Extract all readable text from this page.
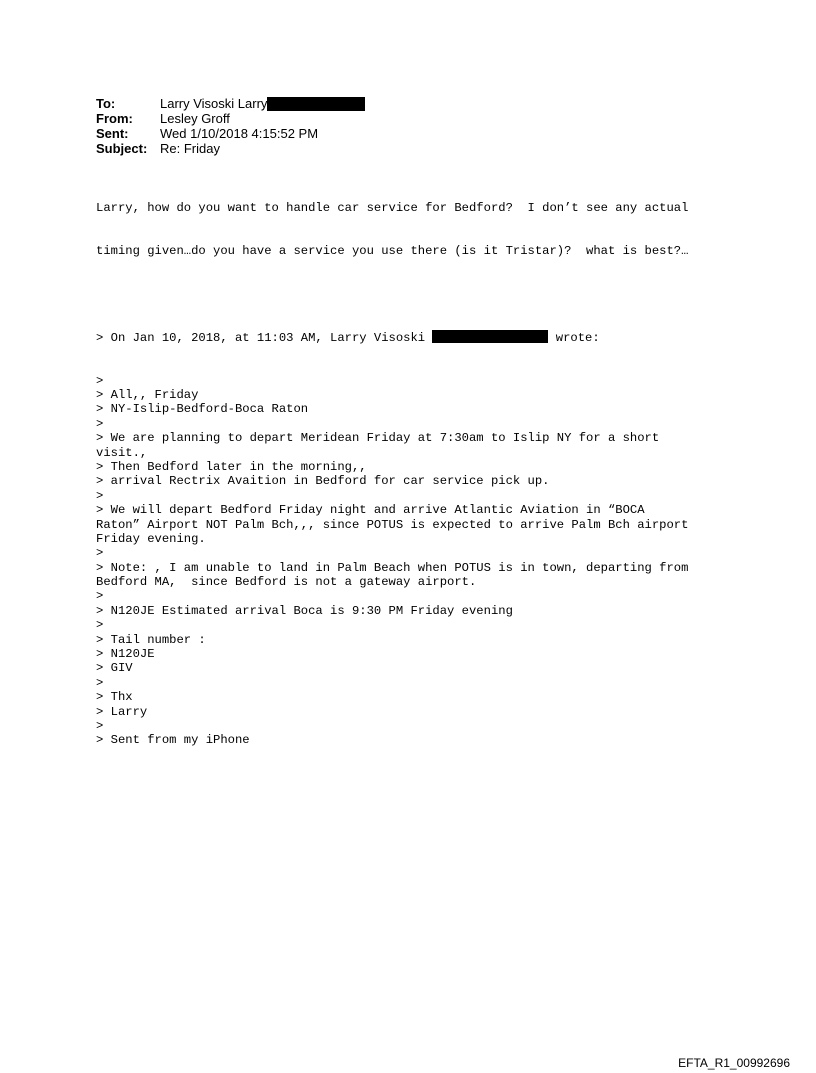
To:	Larry Visoski Larry
From:	Lesley Groff
Sent:	Wed 1/10/2018 4:15:52 PM
Subject: Re: Friday

Larry, how do you want to handle car service for Bedford?  I don’t see any actual

timing given…do you have a service you use there (is it Tristar)?  what is best?…

> On Jan 10, 2018, at 11:03 AM, Larry Visoski	wrote:

>
> All,, Friday
> NY-Islip-Bedford-Boca Raton
>
> We are planning to depart Meridean Friday at 7:30am to Islip NY for a short
visit.,
> Then Bedford later in the morning,,
> arrival Rectrix Avaition in Bedford for car service pick up.
>
> We will depart Bedford Friday night and arrive Atlantic Aviation in “BOCA
Raton” Airport NOT Palm Bch,,, since POTUS is expected to arrive Palm Bch airport
Friday evening.
>
> Note: , I am unable to land in Palm Beach when POTUS is in town, departing from
Bedford MA,  since Bedford is not a gateway airport.
>
> N120JE Estimated arrival Boca is 9:30 PM Friday evening
>
> Tail number :
> N120JE
> GIV
>
> Thx
> Larry
>
> Sent from my iPhone

EFTA_R1_00992696
